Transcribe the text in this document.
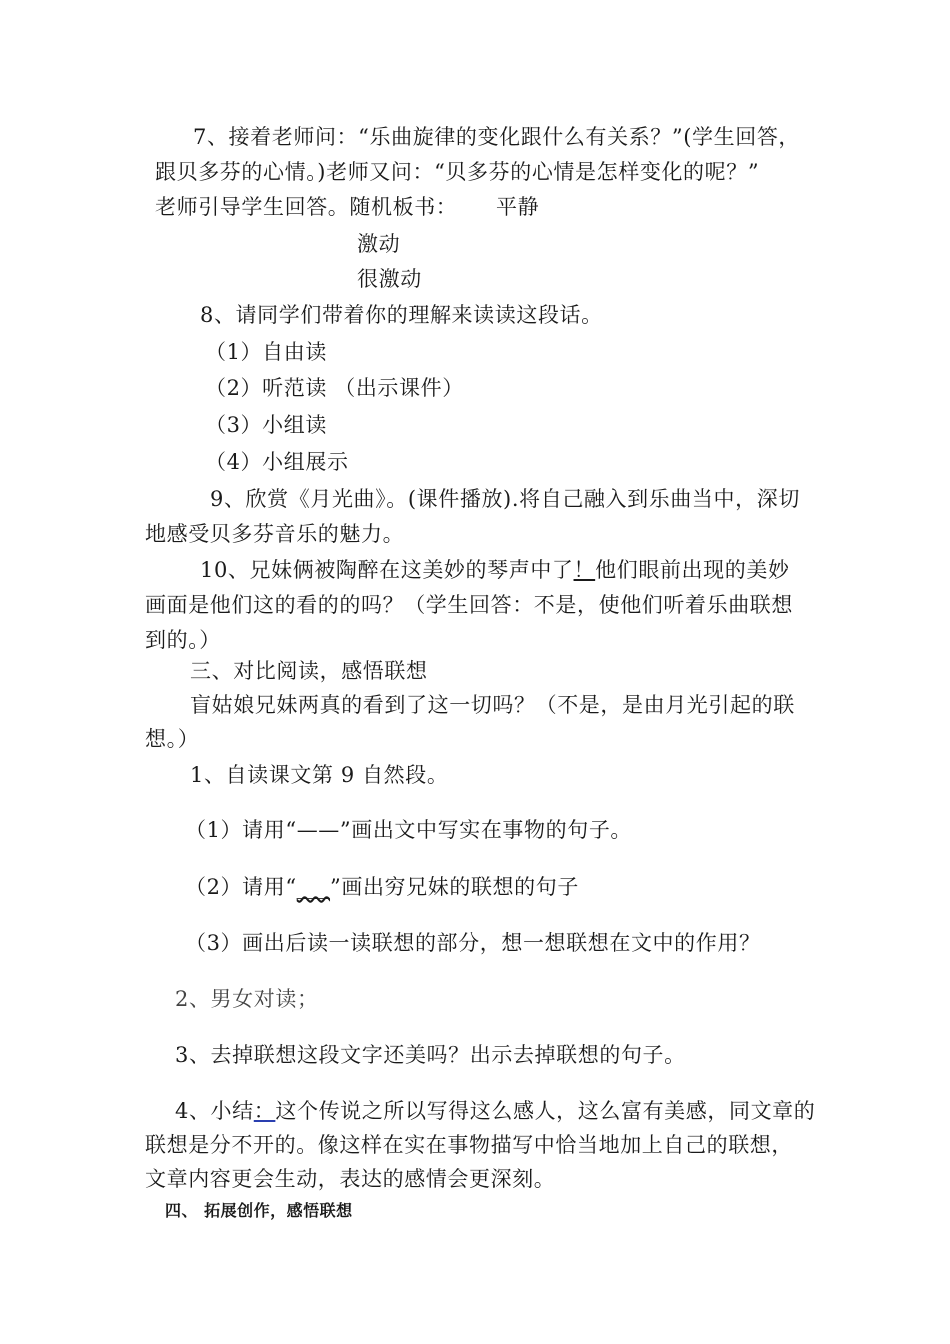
7、接着老师问：“乐曲旋律的变化跟什么有关系？”(学生回答，
跟贝多芬的心情。)老师又问：“贝多芬的心情是怎样变化的呢？”
老师引导学生回答。随机板书： 平静
激动
很激动
8、请同学们带着你的理解来读读这段话。
（1）自由读
（2）听范读 （出示课件）
（3）小组读
（4）小组展示
9、欣赏《月光曲》。(课件播放).将自己融入到乐曲当中，深切
地感受贝多芬音乐的魅力。
10、兄妹俩被陶醉在这美妙的琴声中了！他们眼前出现的美妙
画面是他们这的看的的吗？（学生回答：不是，使他们听着乐曲联想
到的。）
三、对比阅读，感悟联想
盲姑娘兄妹两真的看到了这一切吗？（不是，是由月光引起的联
想。）
1、自读课文第 9 自然段。
（1）请用“——”画出文中写实在事物的句子。
（2）请用“___”画出穷兄妹的联想的句子
（3）画出后读一读联想的部分，想一想联想在文中的作用？
2、男女对读；
3、去掉联想这段文字还美吗？出示去掉联想的句子。
4、小结：这个传说之所以写得这么感人，这么富有美感，同文章的
联想是分不开的。像这样在实在事物描写中恰当地加上自己的联想，
文章内容更会生动，表达的感情会更深刻。
四、 拓展创作，感悟联想
